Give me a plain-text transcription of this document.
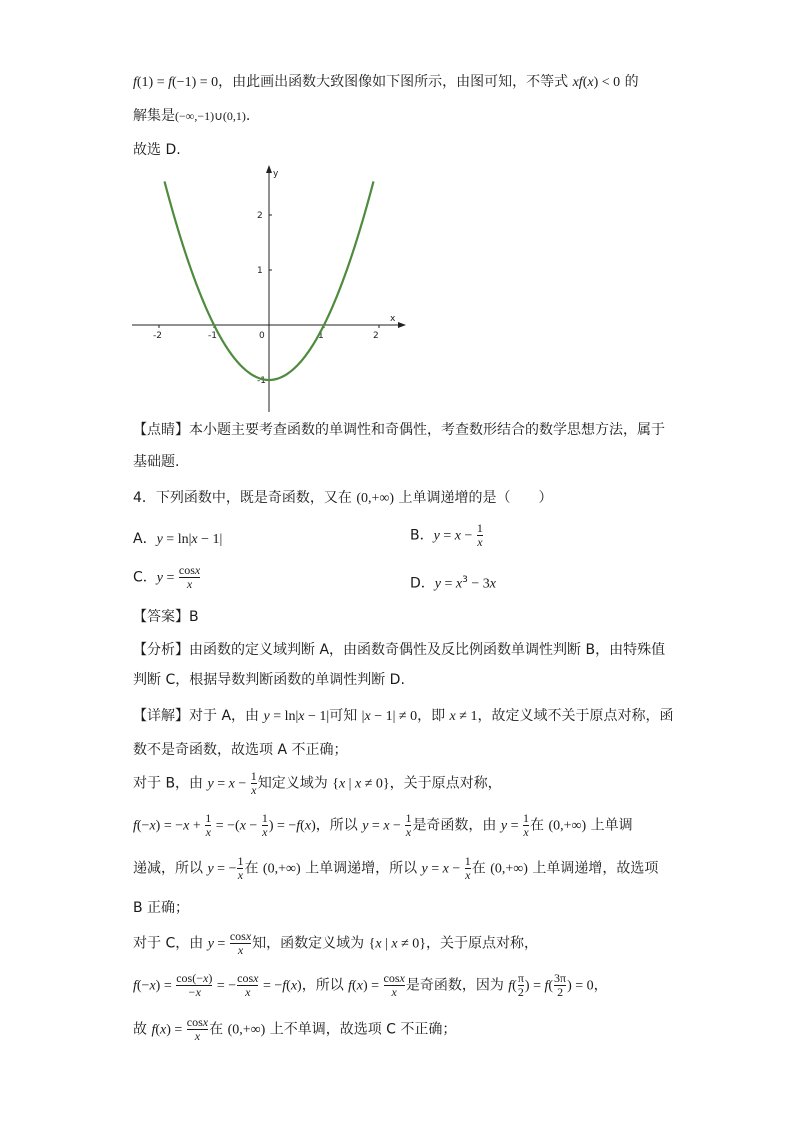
f(1) = f(−1) = 0，由此画出函数大致图像如下图所示，由图可知，不等式 xf(x) < 0 的
解集是(−∞,−1)∪(0,1).
故选 D.
x
y
-2	-1	0	1	2
-1
1
2
【点睛】本小题主要考查函数的单调性和奇偶性，考查数形结合的数学思想方法，属于
基础题.
4．下列函数中，既是奇函数，又在 (0,+∞) 上单调递增的是（　　）
A．y = ln|x − 1|	B．$y = x - \frac{1}{x}$
C．$y = \frac{\cos x}{x}$	D．$y = x^3 - 3x$
【答案】B
【分析】由函数的定义域判断 A，由函数奇偶性及反比例函数单调性判断 B，由特殊值
判断 C，根据导数判断函数的单调性判断 D.
【详解】对于 A，由 y = ln|x − 1|可知 |x − 1| ≠ 0，即 x ≠ 1，故定义域不关于原点对称，函
数不是奇函数，故选项 A 不正确；
对于 B，由 $y = x - \frac{1}{x}$ 知定义域为 {x | x ≠ 0}，关于原点对称，
$f(-x) = -x + \frac{1}{x} = -(x - \frac{1}{x}$ ) = −f(x)，所以 $y = x - \frac{1}{x}$ 是奇函数，由 $y = \frac{1}{x}$ 在 (0,+∞) 上单调
递减，所以 y = − $\frac{1}{x}$ 在 (0,+∞) 上单调递增，所以 $y = x - \frac{1}{x}$ 在 (0,+∞) 上单调递增，故选项
B 正确；
对于 C，由 $y = \frac{\cos x}{x}$ 知，函数定义域为 {x | x ≠ 0}，关于原点对称，
$f(-x) = \frac{\cos(-x)}{-x}$ = − $\frac{\cos x}{x} = -f(x)$，所以 $f(x) = \frac{\cos x}{x}$ 是奇函数，因为 $f( \frac{\pi}{2}$ ) = $f( \frac{3\pi}{2}$ ) = 0，
故 $f(x) = \frac{\cos x}{x}$ 在 (0,+∞) 上不单调，故选项 C 不正确；
